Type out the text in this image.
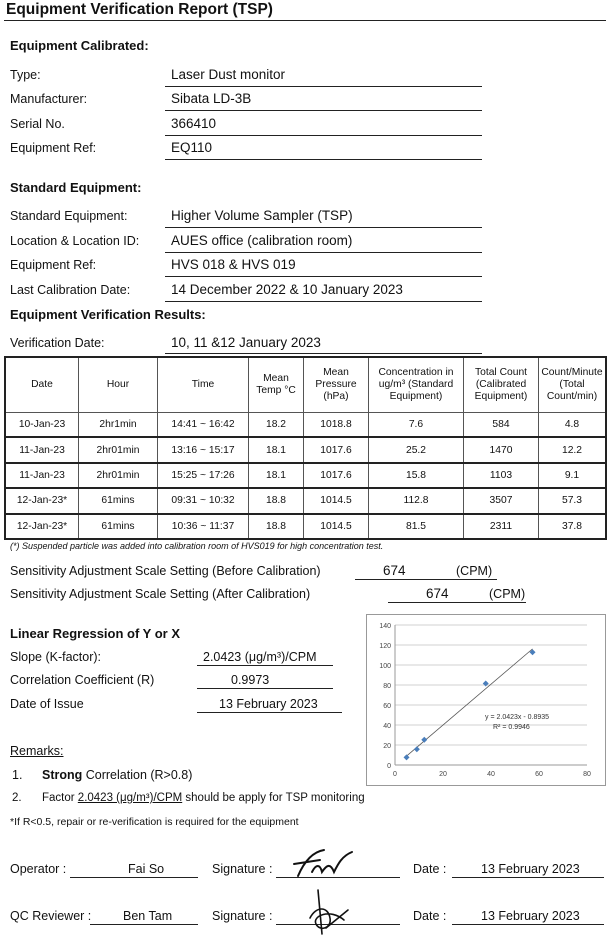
Equipment Verification Report (TSP)
Equipment Calibrated:
Type:	Laser Dust monitor
Manufacturer:	Sibata LD-3B
Serial No.	366410
Equipment Ref:	EQ110
Standard Equipment:
Standard Equipment:	Higher Volume Sampler (TSP)
Location & Location ID: AUES office (calibration room)
Equipment Ref:	HVS 018 & HVS 019
Last Calibration Date:	14 December 2022 & 10 January 2023
Equipment Verification Results:
Verification Date:	10, 11 &12 January 2023
Date	Hour	Time	Mean Temp °C	Mean Pressure (hPa)	Concentration in ug/m³ (Standard Equipment)	Total Count (Calibrated Equipment)	Count/Minute (Total Count/min)
10-Jan-23	2hr1min	14:41 ~ 16:42	18.2	1018.8	7.6	584	4.8
11-Jan-23	2hr01min	13:16 ~ 15:17	18.1	1017.6	25.2	1470	12.2
11-Jan-23	2hr01min	15:25 ~ 17:26	18.1	1017.6	15.8	1103	9.1
12-Jan-23*	61mins	09:31 ~ 10:32	18.8	1014.5	112.8	3507	57.3
12-Jan-23*	61mins	10:36 ~ 11:37	18.8	1014.5	81.5	2311	37.8
(*) Suspended particle was added into calibration room of HVS019 for high concentration test.
Sensitivity Adjustment Scale Setting (Before Calibration)	674	(CPM)
Sensitivity Adjustment Scale Setting (After Calibration)	674	(CPM)
Linear Regression of Y or X
Slope (K-factor):	2.0423 (μg/m³)/CPM
Correlation Coefficient (R)	0.9973
Date of Issue	13 February 2023
0
20
40
60
80
100
120
140
0	20	40	60	80
y = 2.0423x - 0.8935
R² = 0.9946
Remarks:
1. Strong Correlation (R>0.8)
2. Factor 2.0423 (μg/m³)/CPM should be apply for TSP monitoring
*If R<0.5, repair or re-verification is required for the equipment
Operator :	Fai So	Signature :	Date :	13 February 2023
QC Reviewer :	Ben Tam	Signature :	Date :	13 February 2023
